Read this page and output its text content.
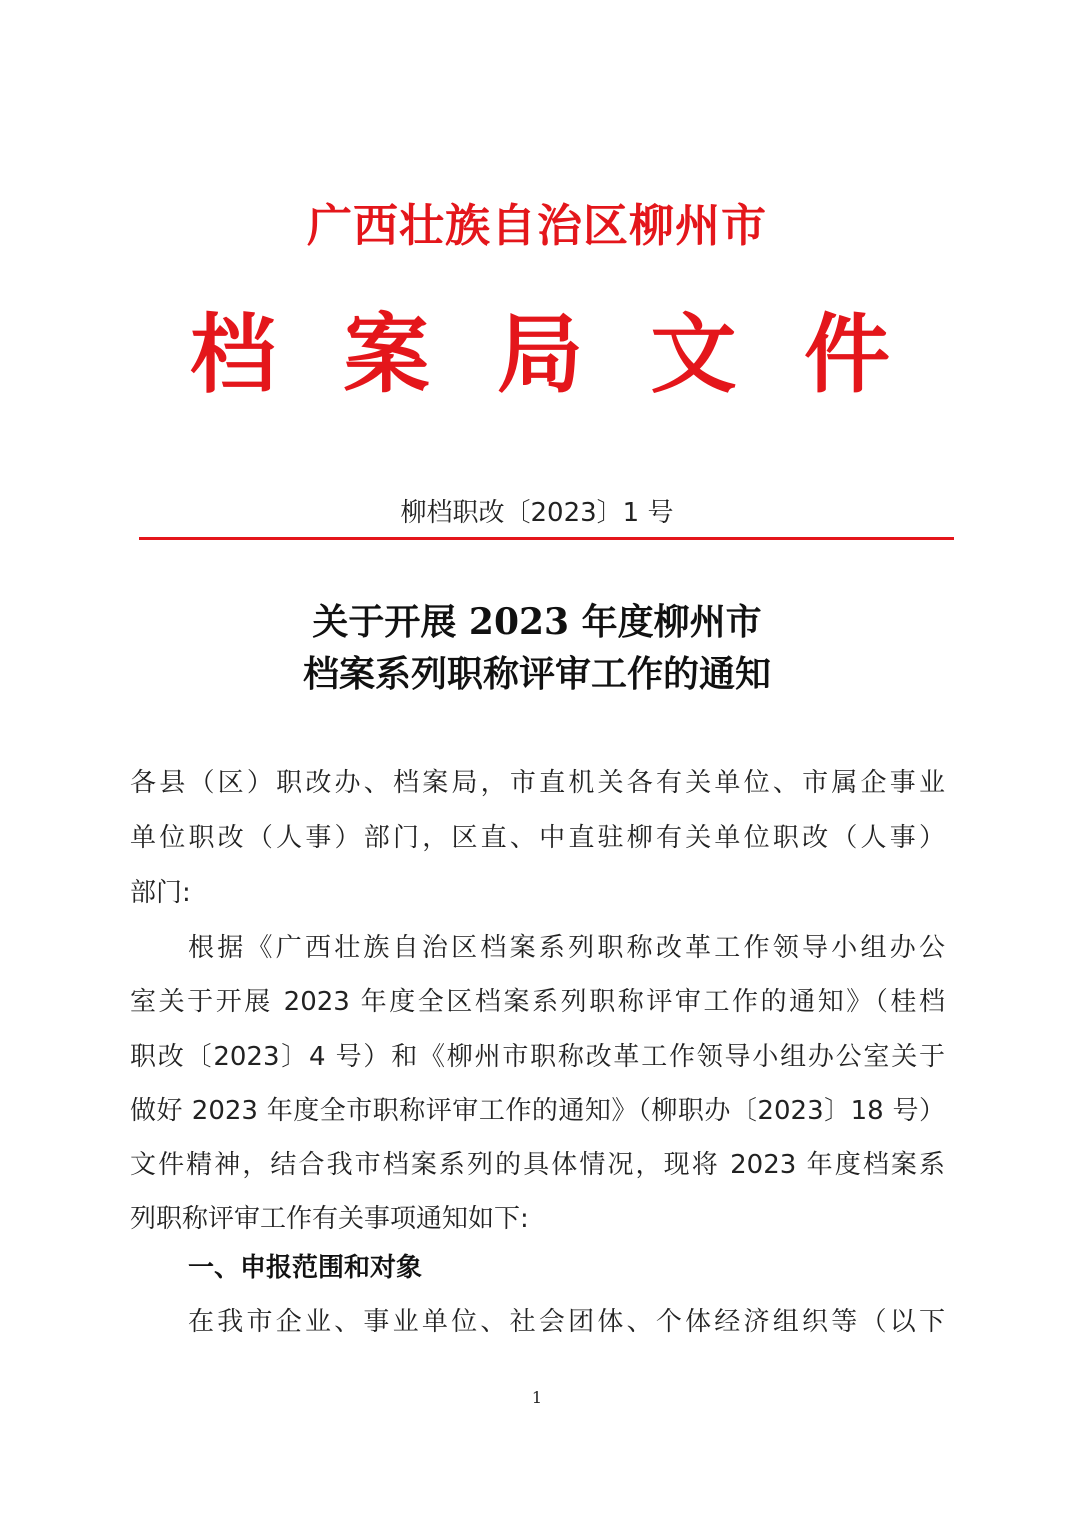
广西壮族自治区柳州市
档 案 局 文 件
柳档职改〔2023〕1 号
关于开展 2023 年度柳州市
档案系列职称评审工作的通知
各县（区）职改办、档案局，市直机关各有关单位、市属企事业
单位职改（人事）部门，区直、中直驻柳有关单位职改（人事）
部门:
根据《广西壮族自治区档案系列职称改革工作领导小组办公
室关于开展 2023 年度全区档案系列职称评审工作的通知》（桂档
职改〔2023〕4 号）和《柳州市职称改革工作领导小组办公室关于
做好 2023 年度全市职称评审工作的通知》（柳职办〔2023〕18 号）
文件精神，结合我市档案系列的具体情况，现将 2023 年度档案系
列职称评审工作有关事项通知如下:
一、申报范围和对象
在我市企业、事业单位、社会团体、个体经济组织等（以下
1
